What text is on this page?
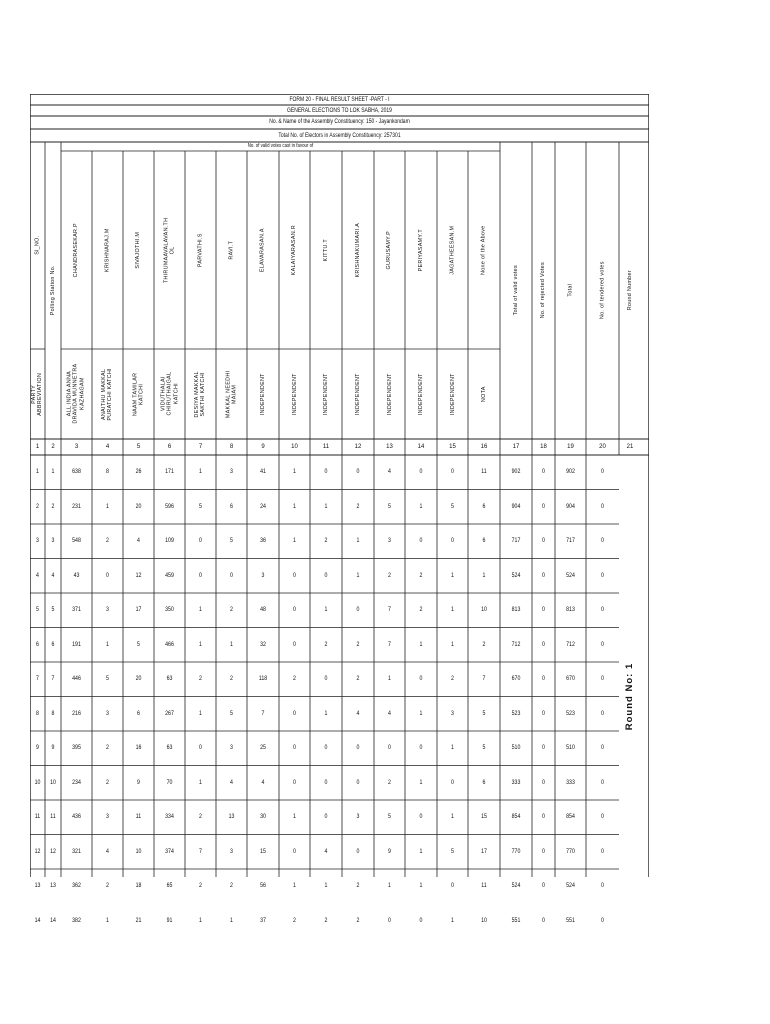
FORM 20 - FINAL RESULT SHEET -PART - I
GENERAL ELECTIONS TO LOK SABHA, 2019
No. & Name of the Assembly Constituency: 150 - Jayankondam
Total No. of Electors in Assembly Constituency: 257301
No. of valid votes cast in favour of
Sl_NO.
PARTY
ABBREVIATION
Polling Station No.
CHANDRASEKAR.P
ALL INDIA ANNA
DRAVIDA MUNNETRA
KAZHAGAM
KRISHNARAJ.M
ANAITHU MAKKAL
PURATCHI KATCHI
SIVAJOTHI.M
NAAM TAMILAR
KATCHI
THIRUMAAVALAVAN.TH
OL
VIDUTHALAI
CHIRUTHAIGAL
KATCHI
PARVATHI.S
DESIYA MAKKAL
SAKTHI KATCHI
RAVI.T
MAKKAL NEEDHI
MAIAM
ELAVARASAN.A
INDEPENDENT
KALAIYARASAN.R
INDEPENDENT
KITTU.T
INDEPENDENT
KRISHNAKUMARI.A
INDEPENDENT
GURUSAMY.P
INDEPENDENT
PERIYASAMY.T
INDEPENDENT
JAGATHEESAN.M
INDEPENDENT
None of the Above
NOTA
Total of valid votes	No. of rejected Votes	Total	No. of tendered votes	Round Number
1	2	3	4	5	6	7	8	9	10	11	12	13	14	15	16	17	18	19	20	21
1	1	638	8	26	171	1	3	41	1	0	0	4	0	0	11	902	0	902	0
2	2	231	1	20	596	5	6	24	1	1	2	5	1	5	6	904	0	904	0
3	3	548	2	4	109	0	5	36	1	2	1	3	0	0	6	717	0	717	0
4	4	43	0	12	459	0	0	3	0	0	1	2	2	1	1	524	0	524	0
5	5	371	3	17	350	1	2	48	0	1	0	7	2	1	10	813	0	813	0
6	6	191	1	5	466	1	1	32	0	2	2	7	1	1	2	712	0	712	0
7	7	446	5	20	63	2	2	118	2	0	2	1	0	2	7	670	0	670	0
8	8	216	3	6	267	1	5	7	0	1	4	4	1	3	5	523	0	523	0
9	9	395	2	16	63	0	3	25	0	0	0	0	0	1	5	510	0	510	0
10	10	234	2	9	70	1	4	4	0	0	0	2	1	0	6	333	0	333	0
11	11	436	3	11	334	2	13	30	1	0	3	5	0	1	15	854	0	854	0
12	12	321	4	10	374	7	3	15	0	4	0	9	1	5	17	770	0	770	0
13	13	362	2	18	65	2	2	56	1	1	2	1	1	0	11	524	0	524	0
14	14	382	1	21	91	1	1	37	2	2	2	0	0	1	10	551	0	551	0
Round No: 1
